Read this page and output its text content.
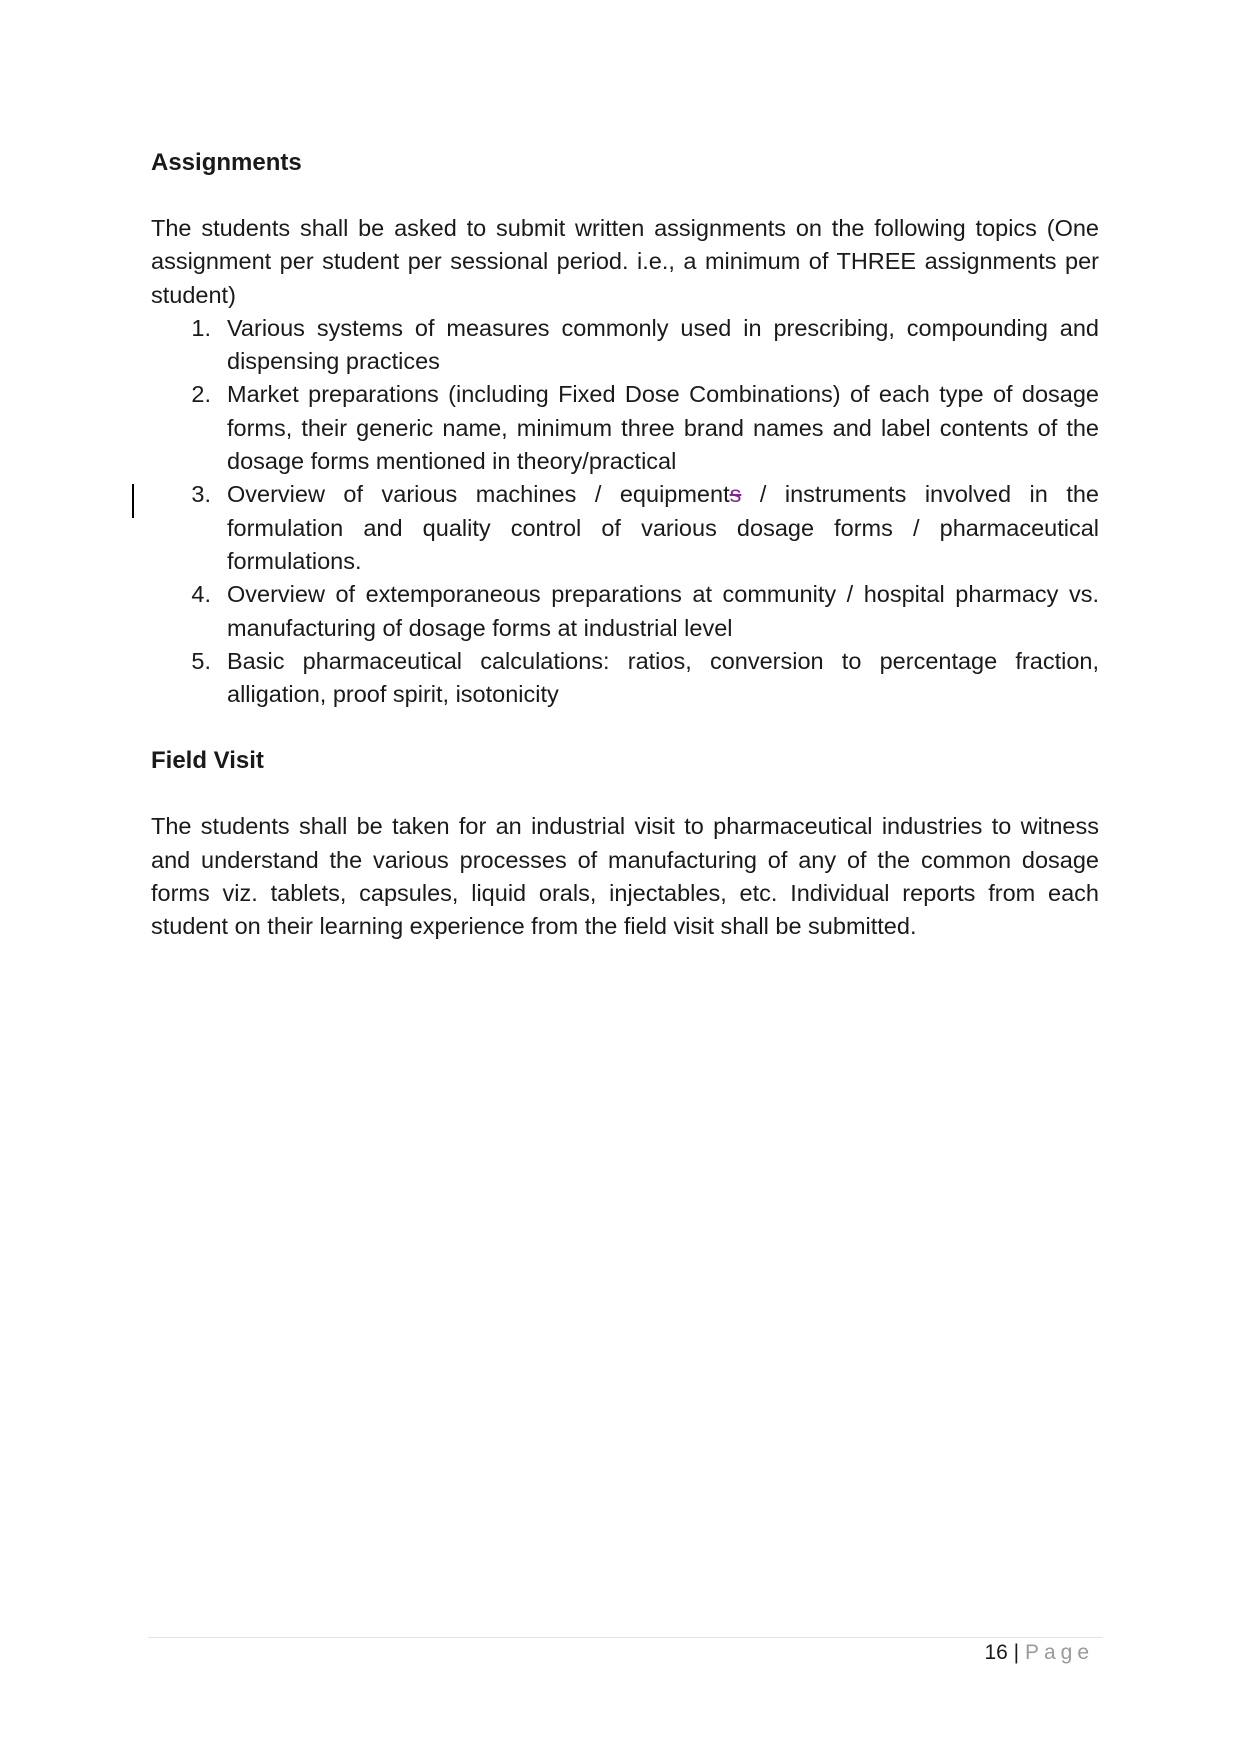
Assignments

The students shall be asked to submit written assignments on the following topics (One assignment per student per sessional period. i.e., a minimum of THREE assignments per student)

1. Various systems of measures commonly used in prescribing, compounding and dispensing practices
2. Market preparations (including Fixed Dose Combinations) of each type of dosage forms, their generic name, minimum three brand names and label contents of the dosage forms mentioned in theory/practical
3. Overview of various machines / equipments / instruments involved in the formulation and quality control of various dosage forms / pharmaceutical formulations.
4. Overview of extemporaneous preparations at community / hospital pharmacy vs. manufacturing of dosage forms at industrial level
5. Basic pharmaceutical calculations: ratios, conversion to percentage fraction, alligation, proof spirit, isotonicity
Field Visit

The students shall be taken for an industrial visit to pharmaceutical industries to witness and understand the various processes of manufacturing of any of the common dosage forms viz. tablets, capsules, liquid orals, injectables, etc. Individual reports from each student on their learning experience from the field visit shall be submitted.

16 | Page
